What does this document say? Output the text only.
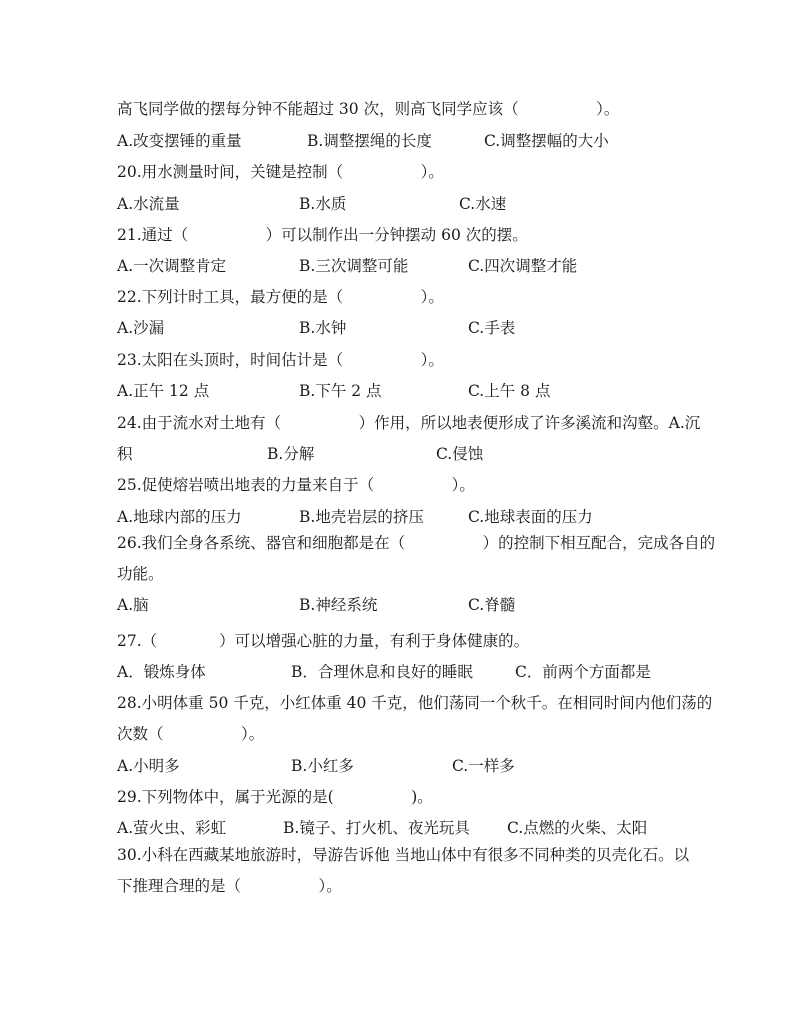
高飞同学做的摆每分钟不能超过 30 次，则高飞同学应该（　　　　　）。
A.改变摆锤的重量	B.调整摆绳的长度	C.调整摆幅的大小
20.用水测量时间，关键是控制（　　　　　）。
A.水流量	B.水质	C.水速
21.通过（　　　　　）可以制作出一分钟摆动 60 次的摆。
A.一次调整肯定	B.三次调整可能	C.四次调整才能
22.下列计时工具，最方便的是（　　　　　）。
A.沙漏	B.水钟	C.手表
23.太阳在头顶时，时间估计是（　　　　　）。
A.正午 12 点	B.下午 2 点	C.上午 8 点
24.由于流水对土地有（　　　　　）作用，所以地表便形成了许多溪流和沟壑。A.沉
积	B.分解	C.侵蚀
25.促使熔岩喷出地表的力量来自于（　　　　　）。
A.地球内部的压力	B.地壳岩层的挤压	C.地球表面的压力
26.我们全身各系统、器官和细胞都是在（　　　　　）的控制下相互配合，完成各自的
功能。
A.脑	B.神经系统	C.脊髓
27.（　　　　）可以增强心脏的力量，有利于身体健康的。
A．锻炼身体	B．合理休息和良好的睡眠	C．前两个方面都是
28.小明体重 50 千克，小红体重 40 千克，他们荡同一个秋千。在相同时间内他们荡的
次数（　　　　　）。
A.小明多	B.小红多	C.一样多
29.下列物体中，属于光源的是(　　　　　)。
A.萤火虫、彩虹	B.镜子、打火机、夜光玩具 C.点燃的火柴、太阳
30.小科在西藏某地旅游时，导游告诉他 当地山体中有很多不同种类的贝壳化石。以
下推理合理的是（　　　　　）。
